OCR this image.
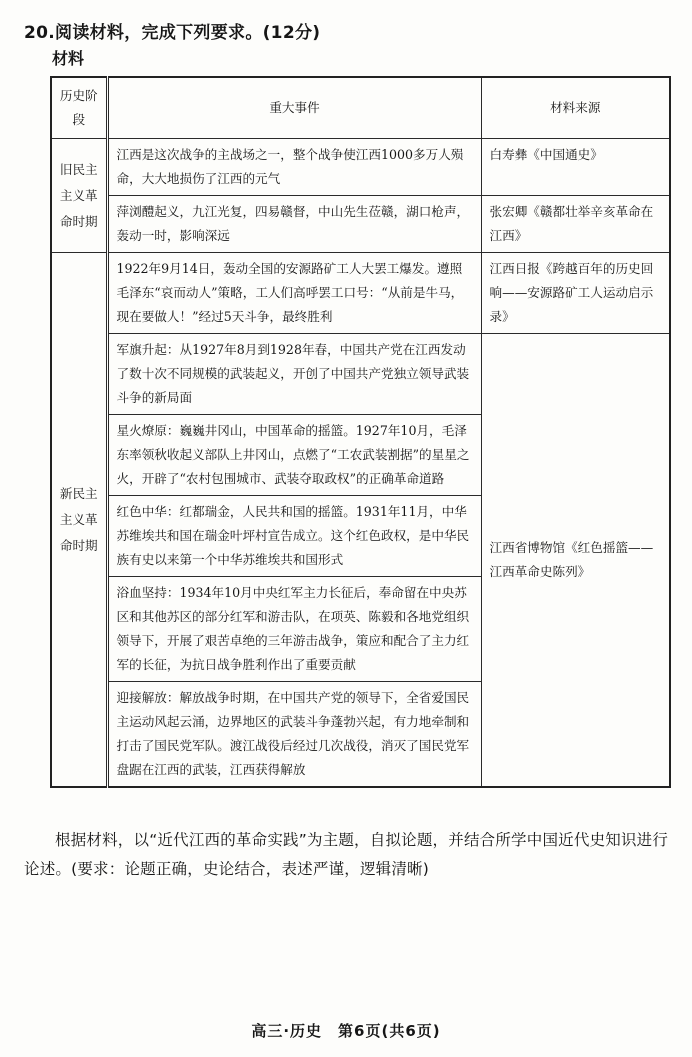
20.阅读材料，完成下列要求。(12分)
材料
历史阶段	重大事件	材料来源
旧民主主义革命时期	江西是这次战争的主战场之一，整个战争使江西1000多万人殒命，大大地损伤了江西的元气	白寿彝《中国通史》
	萍浏醴起义，九江光复，四易赣督，中山先生莅赣，湖口枪声，轰动一时，影响深远	张宏卿《赣都壮举辛亥革命在江西》
新民主主义革命时期	1922年9月14日，轰动全国的安源路矿工人大罢工爆发。遵照毛泽东“哀而动人”策略，工人们高呼罢工口号：“从前是牛马，现在要做人！”经过5天斗争，最终胜利	江西日报《跨越百年的历史回响——安源路矿工人运动启示录》
	军旗升起：从1927年8月到1928年春，中国共产党在江西发动了数十次不同规模的武装起义，开创了中国共产党独立领导武装斗争的新局面	江西省博物馆《红色摇篮——江西革命史陈列》
	星火燎原：巍巍井冈山，中国革命的摇篮。1927年10月，毛泽东率领秋收起义部队上井冈山，点燃了“工农武装割据”的星星之火，开辟了“农村包围城市、武装夺取政权”的正确革命道路	
	红色中华：红都瑞金，人民共和国的摇篮。1931年11月，中华苏维埃共和国在瑞金叶坪村宣告成立。这个红色政权，是中华民族有史以来第一个中华苏维埃共和国形式	
	浴血坚持：1934年10月中央红军主力长征后，奉命留在中央苏区和其他苏区的部分红军和游击队，在项英、陈毅和各地党组织领导下，开展了艰苦卓绝的三年游击战争，策应和配合了主力红军的长征，为抗日战争胜利作出了重要贡献	
	迎接解放：解放战争时期，在中国共产党的领导下，全省爱国民主运动风起云涌，边界地区的武装斗争蓬勃兴起，有力地牵制和打击了国民党军队。渡江战役后经过几次战役，消灭了国民党军盘踞在江西的武装，江西获得解放	
根据材料，以“近代江西的革命实践”为主题，自拟论题，并结合所学中国近代史知识进行论述。(要求：论题正确，史论结合，表述严谨，逻辑清晰)
高三·历史　第6页(共6页)
